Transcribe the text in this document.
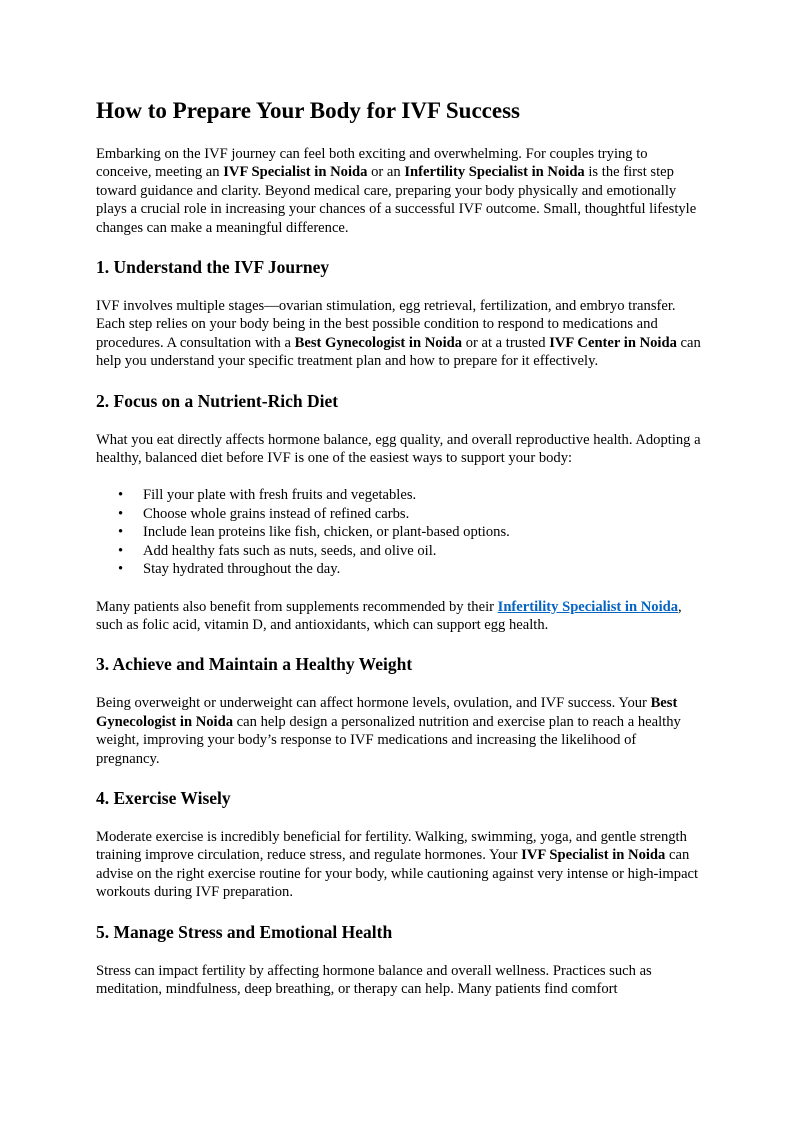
How to Prepare Your Body for IVF Success

Embarking on the IVF journey can feel both exciting and overwhelming. For couples trying to conceive, meeting an IVF Specialist in Noida or an Infertility Specialist in Noida is the first step toward guidance and clarity. Beyond medical care, preparing your body physically and emotionally plays a crucial role in increasing your chances of a successful IVF outcome. Small, thoughtful lifestyle changes can make a meaningful difference.

1. Understand the IVF Journey

IVF involves multiple stages—ovarian stimulation, egg retrieval, fertilization, and embryo transfer. Each step relies on your body being in the best possible condition to respond to medications and procedures. A consultation with a Best Gynecologist in Noida or at a trusted IVF Center in Noida can help you understand your specific treatment plan and how to prepare for it effectively.

2. Focus on a Nutrient-Rich Diet

What you eat directly affects hormone balance, egg quality, and overall reproductive health. Adopting a healthy, balanced diet before IVF is one of the easiest ways to support your body:

• Fill your plate with fresh fruits and vegetables.
• Choose whole grains instead of refined carbs.
• Include lean proteins like fish, chicken, or plant-based options.
• Add healthy fats such as nuts, seeds, and olive oil.
• Stay hydrated throughout the day.

Many patients also benefit from supplements recommended by their Infertility Specialist in Noida, such as folic acid, vitamin D, and antioxidants, which can support egg health.

3. Achieve and Maintain a Healthy Weight

Being overweight or underweight can affect hormone levels, ovulation, and IVF success. Your Best Gynecologist in Noida can help design a personalized nutrition and exercise plan to reach a healthy weight, improving your body’s response to IVF medications and increasing the likelihood of pregnancy.

4. Exercise Wisely

Moderate exercise is incredibly beneficial for fertility. Walking, swimming, yoga, and gentle strength training improve circulation, reduce stress, and regulate hormones. Your IVF Specialist in Noida can advise on the right exercise routine for your body, while cautioning against very intense or high-impact workouts during IVF preparation.

5. Manage Stress and Emotional Health

Stress can impact fertility by affecting hormone balance and overall wellness. Practices such as meditation, mindfulness, deep breathing, or therapy can help. Many patients find comfort
